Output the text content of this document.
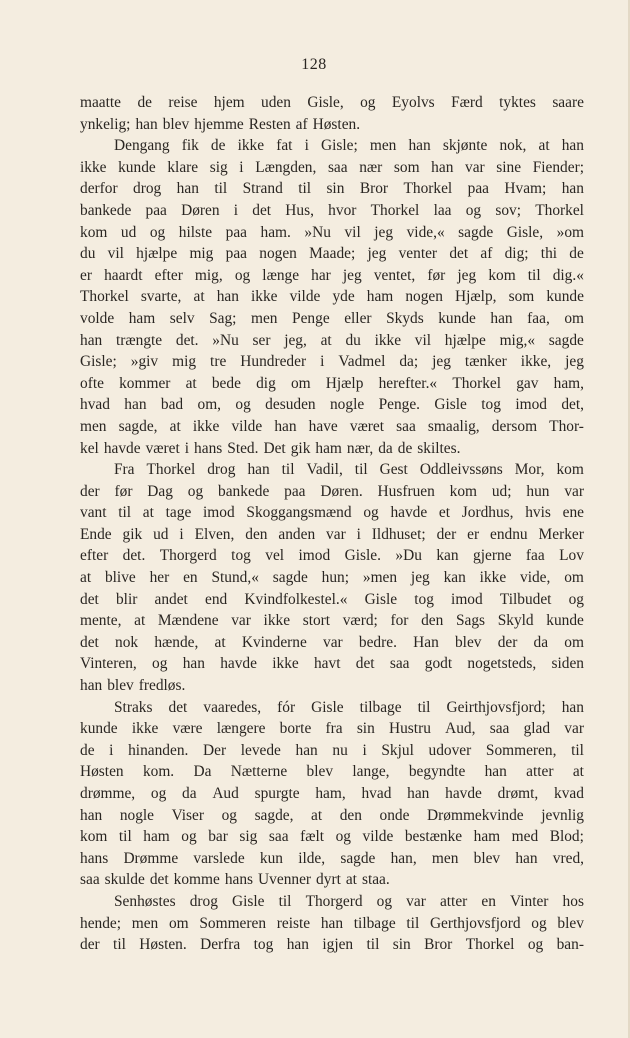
128
maatte de reise hjem uden Gisle, og Eyolvs Færd tyktes saare
ynkelig; han blev hjemme Resten af Høsten.
Dengang fik de ikke fat i Gisle; men han skjønte nok, at han
ikke kunde klare sig i Længden, saa nær som han var sine Fiender;
derfor drog han til Strand til sin Bror Thorkel paa Hvam; han
bankede paa Døren i det Hus, hvor Thorkel laa og sov; Thorkel
kom ud og hilste paa ham. »Nu vil jeg vide,« sagde Gisle, »om
du vil hjælpe mig paa nogen Maade; jeg venter det af dig; thi de
er haardt efter mig, og længe har jeg ventet, før jeg kom til dig.«
Thorkel svarte, at han ikke vilde yde ham nogen Hjælp, som kunde
volde ham selv Sag; men Penge eller Skyds kunde han faa, om
han trængte det. »Nu ser jeg, at du ikke vil hjælpe mig,« sagde
Gisle; »giv mig tre Hundreder i Vadmel da; jeg tænker ikke, jeg
ofte kommer at bede dig om Hjælp herefter.« Thorkel gav ham,
hvad han bad om, og desuden nogle Penge. Gisle tog imod det,
men sagde, at ikke vilde han have været saa smaalig, dersom Thor-
kel havde været i hans Sted. Det gik ham nær, da de skiltes.
Fra Thorkel drog han til Vadil, til Gest Oddleivssøns Mor, kom
der før Dag og bankede paa Døren. Husfruen kom ud; hun var
vant til at tage imod Skoggangsmænd og havde et Jordhus, hvis ene
Ende gik ud i Elven, den anden var i Ildhuset; der er endnu Merker
efter det. Thorgerd tog vel imod Gisle. »Du kan gjerne faa Lov
at blive her en Stund,« sagde hun; »men jeg kan ikke vide, om
det blir andet end Kvindfolkestel.« Gisle tog imod Tilbudet og
mente, at Mændene var ikke stort værd; for den Sags Skyld kunde
det nok hænde, at Kvinderne var bedre. Han blev der da om
Vinteren, og han havde ikke havt det saa godt nogetsteds, siden
han blev fredløs.
Straks det vaaredes, fór Gisle tilbage til Geirthjovsfjord; han
kunde ikke være længere borte fra sin Hustru Aud, saa glad var
de i hinanden. Der levede han nu i Skjul udover Sommeren, til
Høsten kom. Da Nætterne blev lange, begyndte han atter at
drømme, og da Aud spurgte ham, hvad han havde drømt, kvad
han nogle Viser og sagde, at den onde Drømmekvinde jevnlig
kom til ham og bar sig saa fælt og vilde bestænke ham med Blod;
hans Drømme varslede kun ilde, sagde han, men blev han vred,
saa skulde det komme hans Uvenner dyrt at staa.
Senhøstes drog Gisle til Thorgerd og var atter en Vinter hos
hende; men om Sommeren reiste han tilbage til Gerthjovsfjord og blev
der til Høsten. Derfra tog han igjen til sin Bror Thorkel og ban-
